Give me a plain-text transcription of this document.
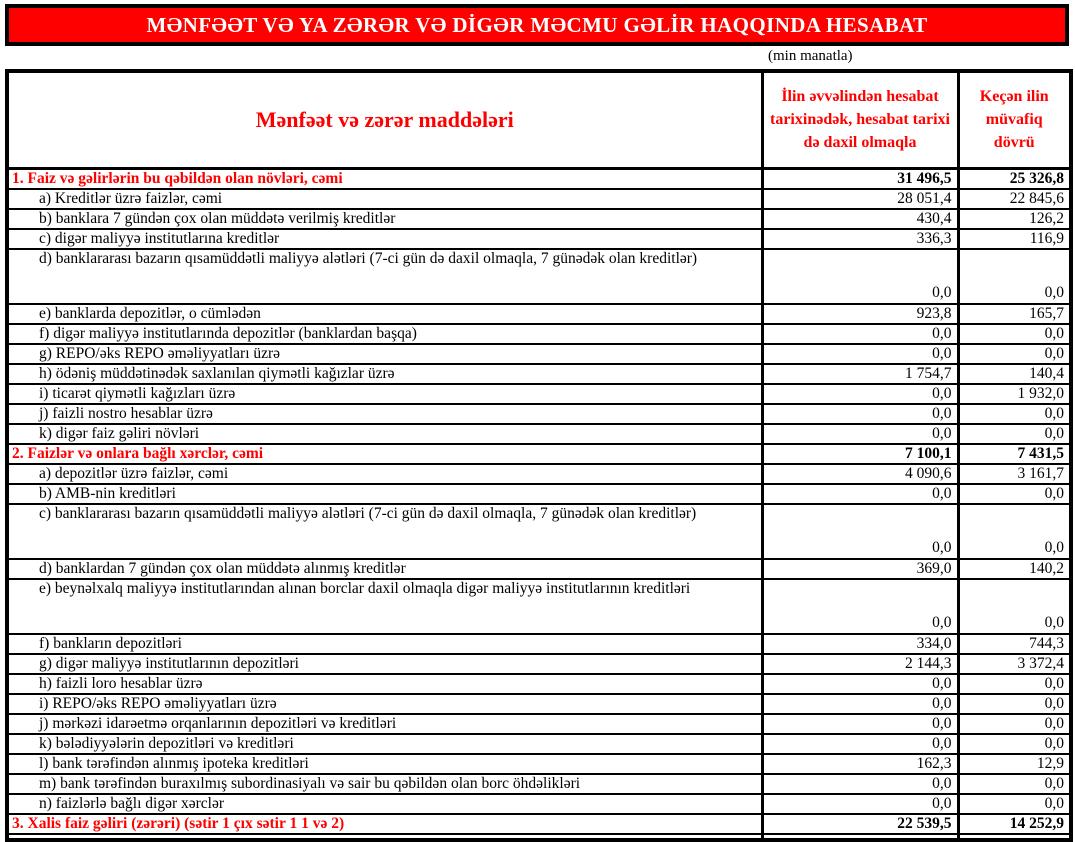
MƏNFƏƏT VƏ YA ZƏRƏR VƏ DİGƏR MƏCMU GƏLİR HAQQINDA HESABAT
(min manatla)
Mənfəət və zərər maddələri	İlin əvvəlindən hesabat tarixinədək, hesabat tarixi də daxil olmaqla	Keçən ilin müvafiq dövrü
1. Faiz və gəlirlərin bu qəbildən olan növləri, cəmi	31 496,5	25 326,8
a) Kreditlər üzrə faizlər, cəmi	28 051,4	22 845,6
b) banklara 7 gündən çox olan müddətə verilmiş kreditlər	430,4	126,2
c) digər maliyyə institutlarına kreditlər	336,3	116,9
d) banklararası bazarın qısamüddətli maliyyə alətləri (7-ci gün də daxil olmaqla, 7 günədək olan kreditlər)	0,0	0,0
e) banklarda depozitlər, o cümlədən	923,8	165,7
f) digər maliyyə institutlarında depozitlər (banklardan başqa)	0,0	0,0
g) REPO/əks REPO əməliyyatları üzrə	0,0	0,0
h) ödəniş müddətinədək saxlanılan qiymətli kağızlar üzrə	1 754,7	140,4
i) ticarət qiymətli kağızları üzrə	0,0	1 932,0
j) faizli nostro hesablar üzrə	0,0	0,0
k) digər faiz gəliri növləri	0,0	0,0
2. Faizlər və onlara bağlı xərclər, cəmi	7 100,1	7 431,5
a) depozitlər üzrə faizlər, cəmi	4 090,6	3 161,7
b) AMB-nin kreditləri	0,0	0,0
c) banklararası bazarın qısamüddətli maliyyə alətləri (7-ci gün də daxil olmaqla, 7 günədək olan kreditlər)	0,0	0,0
d) banklardan 7 gündən çox olan müddətə alınmış kreditlər	369,0	140,2
e) beynəlxalq maliyyə institutlarından alınan borclar daxil olmaqla digər maliyyə institutlarının kreditləri	0,0	0,0
f) bankların depozitləri	334,0	744,3
g) digər maliyyə institutlarının depozitləri	2 144,3	3 372,4
h) faizli loro hesablar üzrə	0,0	0,0
i) REPO/əks REPO əməliyyatları üzrə	0,0	0,0
j) mərkəzi idarəetmə orqanlarının depozitləri və kreditləri	0,0	0,0
k) bələdiyyələrin depozitləri və kreditləri	0,0	0,0
l) bank tərəfindən alınmış ipoteka kreditləri	162,3	12,9
m) bank tərəfindən buraxılmış subordinasiyalı və sair bu qəbildən olan borc öhdəlikləri	0,0	0,0
n) faizlərlə bağlı digər xərclər	0,0	0,0
3. Xalis faiz gəliri (zərəri) (sətir 1 çıx sətir 1 1 və 2)	22 539,5	14 252,9
